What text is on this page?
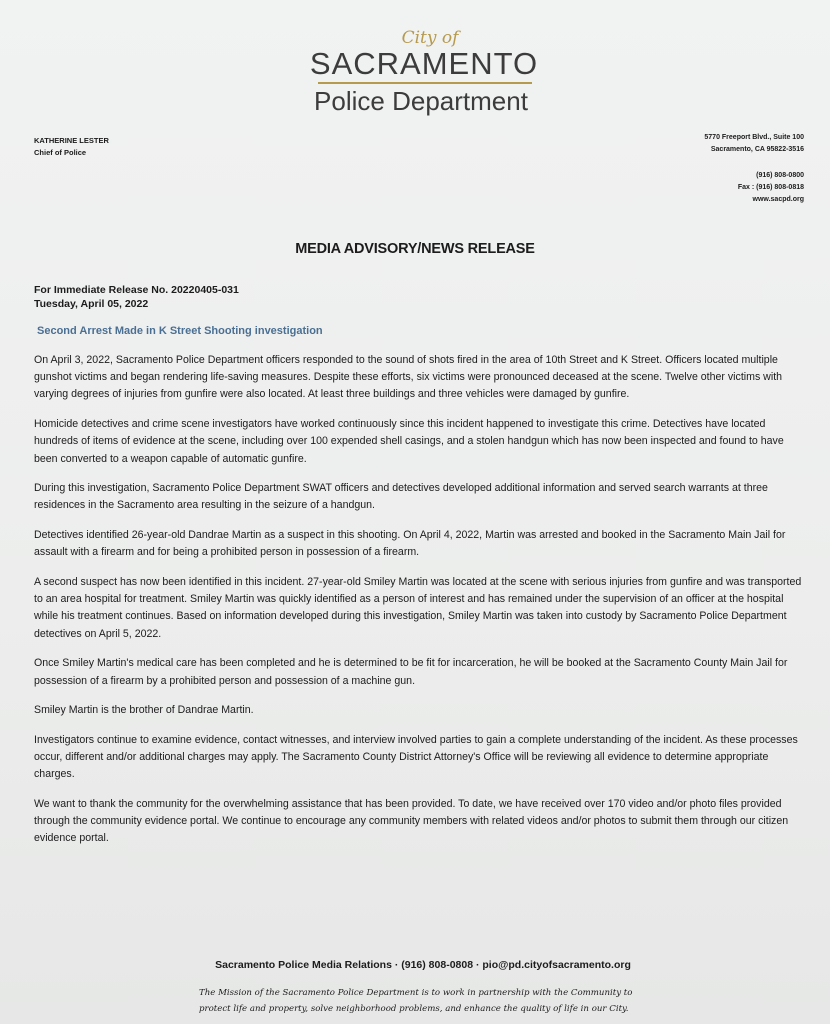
City of
SACRAMENTO
Police Department
KATHERINE LESTER
Chief of Police
5770 Freeport Blvd., Suite 100
Sacramento, CA 95822-3516
(916) 808-0800
Fax : (916) 808-0818
www.sacpd.org
MEDIA ADVISORY/NEWS RELEASE
For Immediate Release No. 20220405-031
Tuesday, April 05, 2022
Second Arrest Made in K Street Shooting investigation

On April 3, 2022, Sacramento Police Department officers responded to the sound of shots fired in the area of 10th Street and K Street. Officers located multiple gunshot victims and began rendering life-saving measures. Despite these efforts, six victims were pronounced deceased at the scene. Twelve other victims with varying degrees of injuries from gunfire were also located. At least three buildings and three vehicles were damaged by gunfire.

Homicide detectives and crime scene investigators have worked continuously since this incident happened to investigate this crime. Detectives have located hundreds of items of evidence at the scene, including over 100 expended shell casings, and a stolen handgun which has now been inspected and found to have been converted to a weapon capable of automatic gunfire.

During this investigation, Sacramento Police Department SWAT officers and detectives developed additional information and served search warrants at three residences in the Sacramento area resulting in the seizure of a handgun.

Detectives identified 26-year-old Dandrae Martin as a suspect in this shooting. On April 4, 2022, Martin was arrested and booked in the Sacramento Main Jail for assault with a firearm and for being a prohibited person in possession of a firearm.

A second suspect has now been identified in this incident. 27-year-old Smiley Martin was located at the scene with serious injuries from gunfire and was transported to an area hospital for treatment. Smiley Martin was quickly identified as a person of interest and has remained under the supervision of an officer at the hospital while his treatment continues. Based on information developed during this investigation, Smiley Martin was taken into custody by Sacramento Police Department detectives on April 5, 2022.

Once Smiley Martin's medical care has been completed and he is determined to be fit for incarceration, he will be booked at the Sacramento County Main Jail for possession of a firearm by a prohibited person and possession of a machine gun.

Smiley Martin is the brother of Dandrae Martin.

Investigators continue to examine evidence, contact witnesses, and interview involved parties to gain a complete understanding of the incident. As these processes occur, different and/or additional charges may apply. The Sacramento County District Attorney's Office will be reviewing all evidence to determine appropriate charges.

We want to thank the community for the overwhelming assistance that has been provided. To date, we have received over 170 video and/or photo files provided through the community evidence portal. We continue to encourage any community members with related videos and/or photos to submit them through our citizen evidence portal.

Sacramento Police Media Relations · (916) 808-0808 · pio@pd.cityofsacramento.org
The Mission of the Sacramento Police Department is to work in partnership with the Community to protect life and property, solve neighborhood problems, and enhance the quality of life in our City.
